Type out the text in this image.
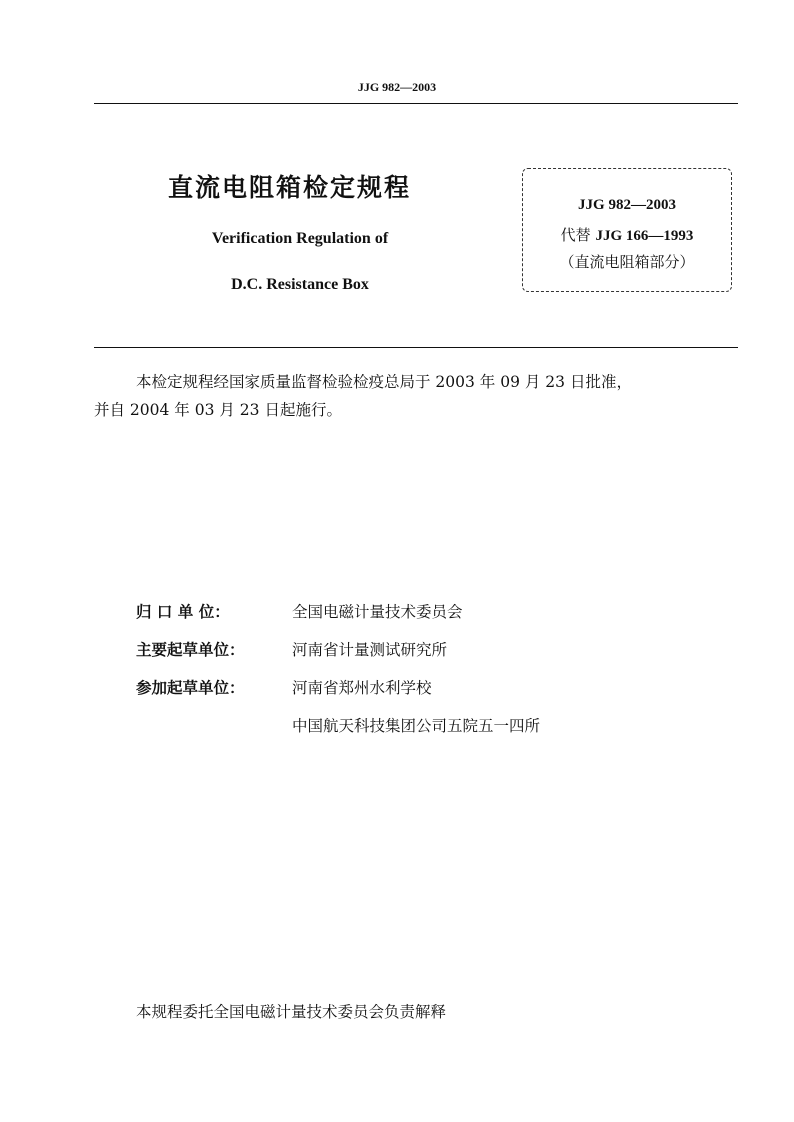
JJG 982—2003
直流电阻箱检定规程
Verification Regulation of
D.C. Resistance Box
JJG 982—2003
代替 JJG 166—1993
（直流电阻箱部分）
本检定规程经国家质量监督检验检疫总局于 2003 年 09 月 23 日批准，
并自 2004 年 03 月 23 日起施行。
归 口 单 位：	全国电磁计量技术委员会
主要起草单位：	河南省计量测试研究所
参加起草单位：	河南省郑州水利学校
中国航天科技集团公司五院五一四所
本规程委托全国电磁计量技术委员会负责解释
